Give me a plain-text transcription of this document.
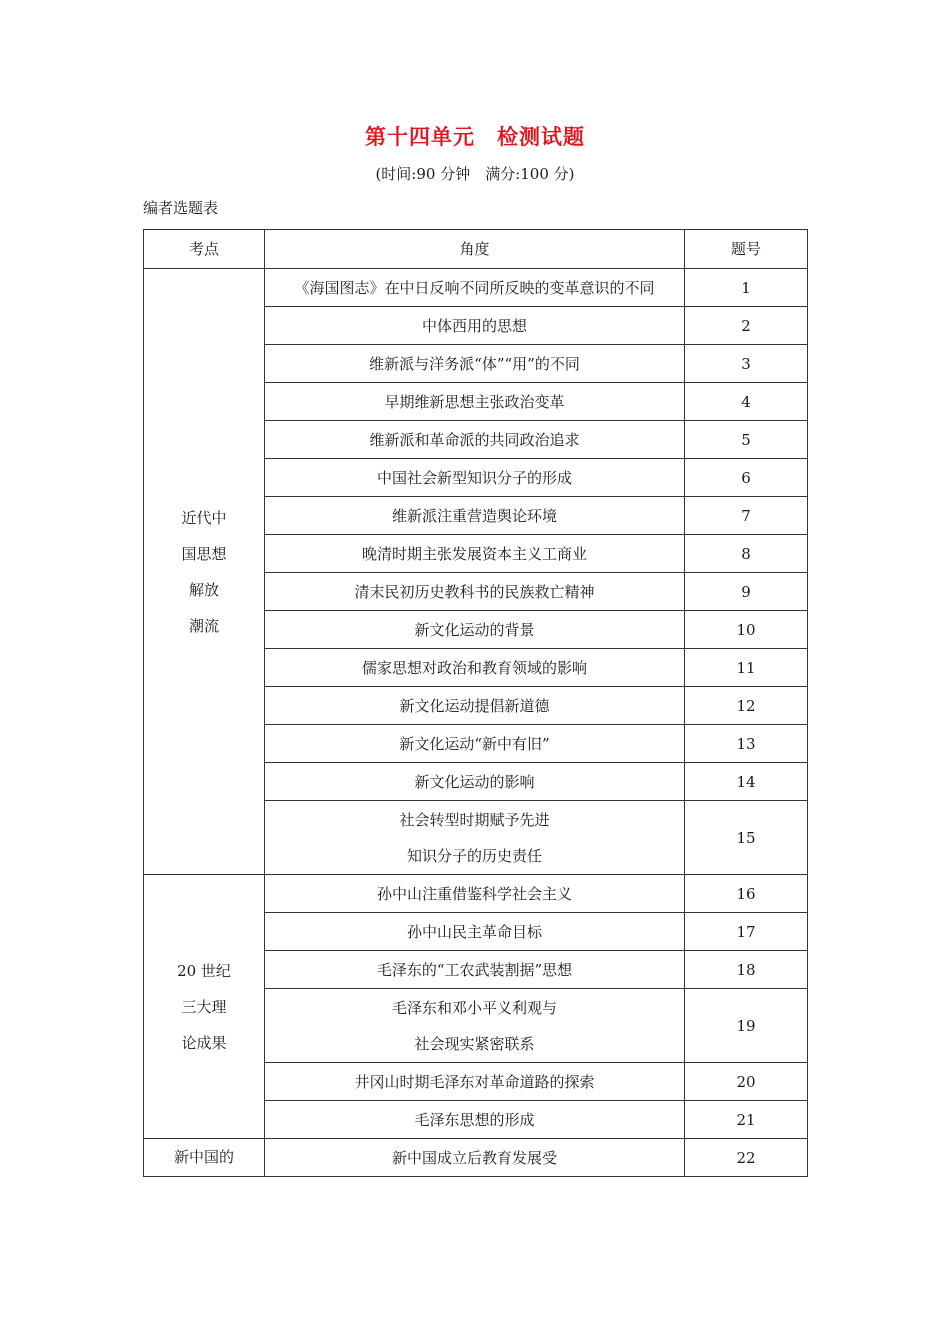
第十四单元　检测试题
(时间:90 分钟　满分:100 分)
编者选题表
考点	角度	题号

近代中
国思想
解放
潮流	《海国图志》在中日反响不同所反映的变革意识的不同	1
	中体西用的思想	2
	维新派与洋务派“体”“用”的不同	3
	早期维新思想主张政治变革	4
	维新派和革命派的共同政治追求	5
	中国社会新型知识分子的形成	6
	维新派注重营造舆论环境	7
	晚清时期主张发展资本主义工商业	8
	清末民初历史教科书的民族救亡精神	9
	新文化运动的背景	10
	儒家思想对政治和教育领域的影响	11
	新文化运动提倡新道德	12
	新文化运动“新中有旧”	13
	新文化运动的影响	14

	社会转型时期赋予先进
知识分子的历史责任	15

20 世纪
三大理
论成果	孙中山注重借鉴科学社会主义	16
	孙中山民主革命目标	17
	毛泽东的“工农武装割据”思想	18

	毛泽东和邓小平义利观与
社会现实紧密联系	19
	井冈山时期毛泽东对革命道路的探索	20
	毛泽东思想的形成	21

新中国的	新中国成立后教育发展受	22
